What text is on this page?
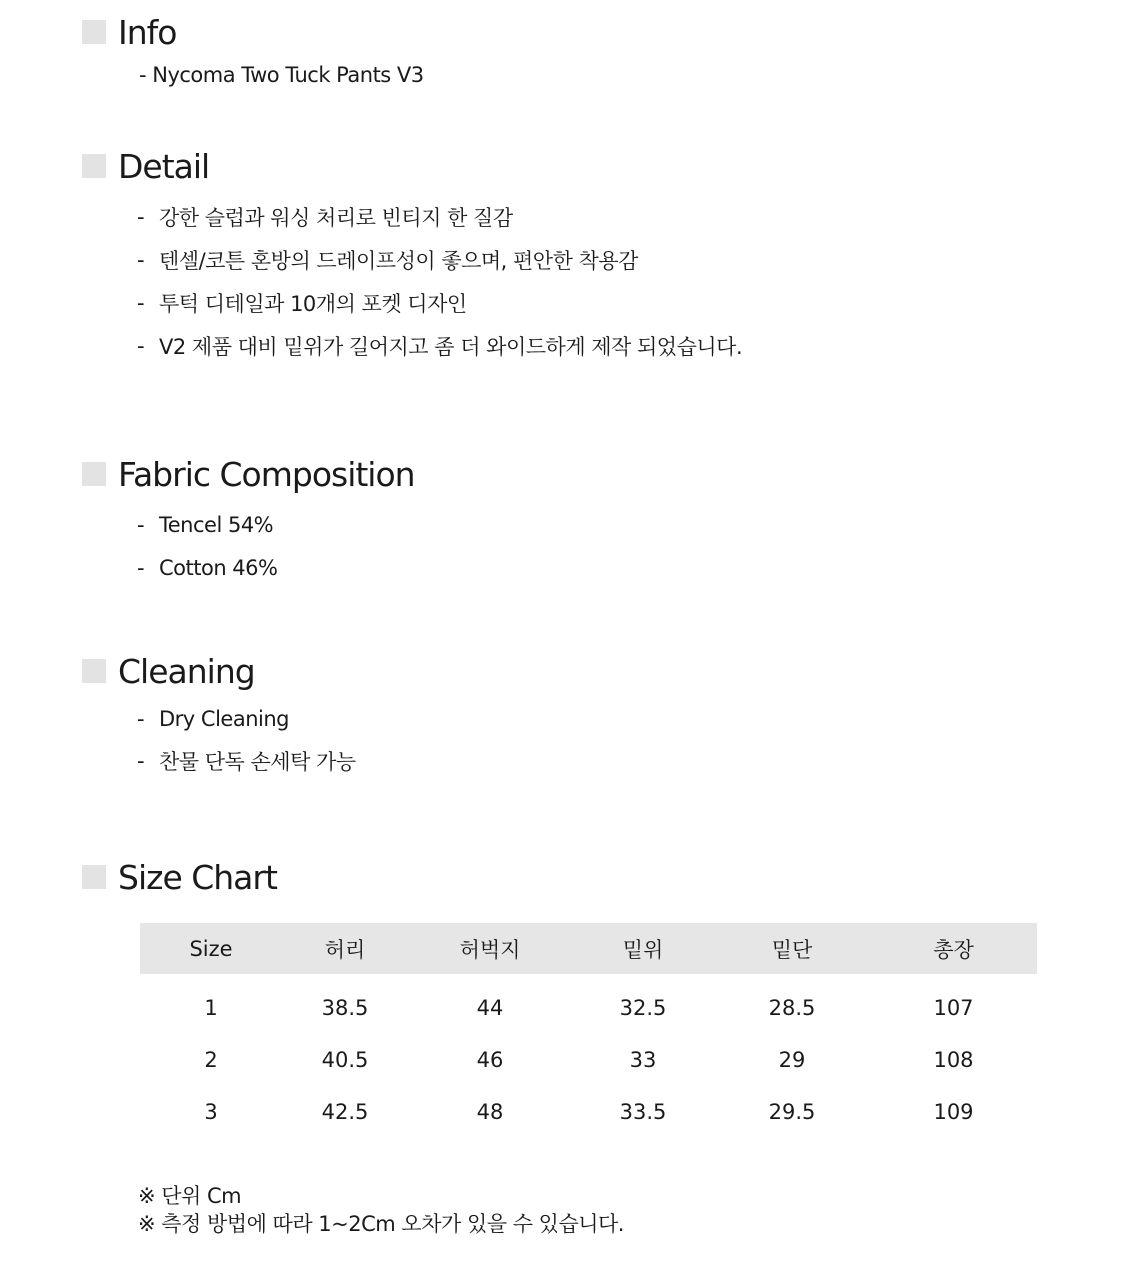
Info
- Nycoma Two Tuck Pants V3
Detail
- 강한 슬럽과 워싱 처리로 빈티지 한 질감
- 텐셀/코튼 혼방의 드레이프성이 좋으며, 편안한 착용감
- 투턱 디테일과 10개의 포켓 디자인
- V2 제품 대비 밑위가 길어지고 좀 더 와이드하게 제작 되었습니다.
Fabric Composition
- Tencel 54%
- Cotton 46%
Cleaning
- Dry Cleaning
- 찬물 단독 손세탁 가능
Size Chart
Size	허리	허벅지	밑위	밑단	총장
1	38.5	44	32.5	28.5	107
2	40.5	46	33	29	108
3	42.5	48	33.5	29.5	109
※ 단위 Cm
※ 측정 방법에 따라 1~2Cm 오차가 있을 수 있습니다.
